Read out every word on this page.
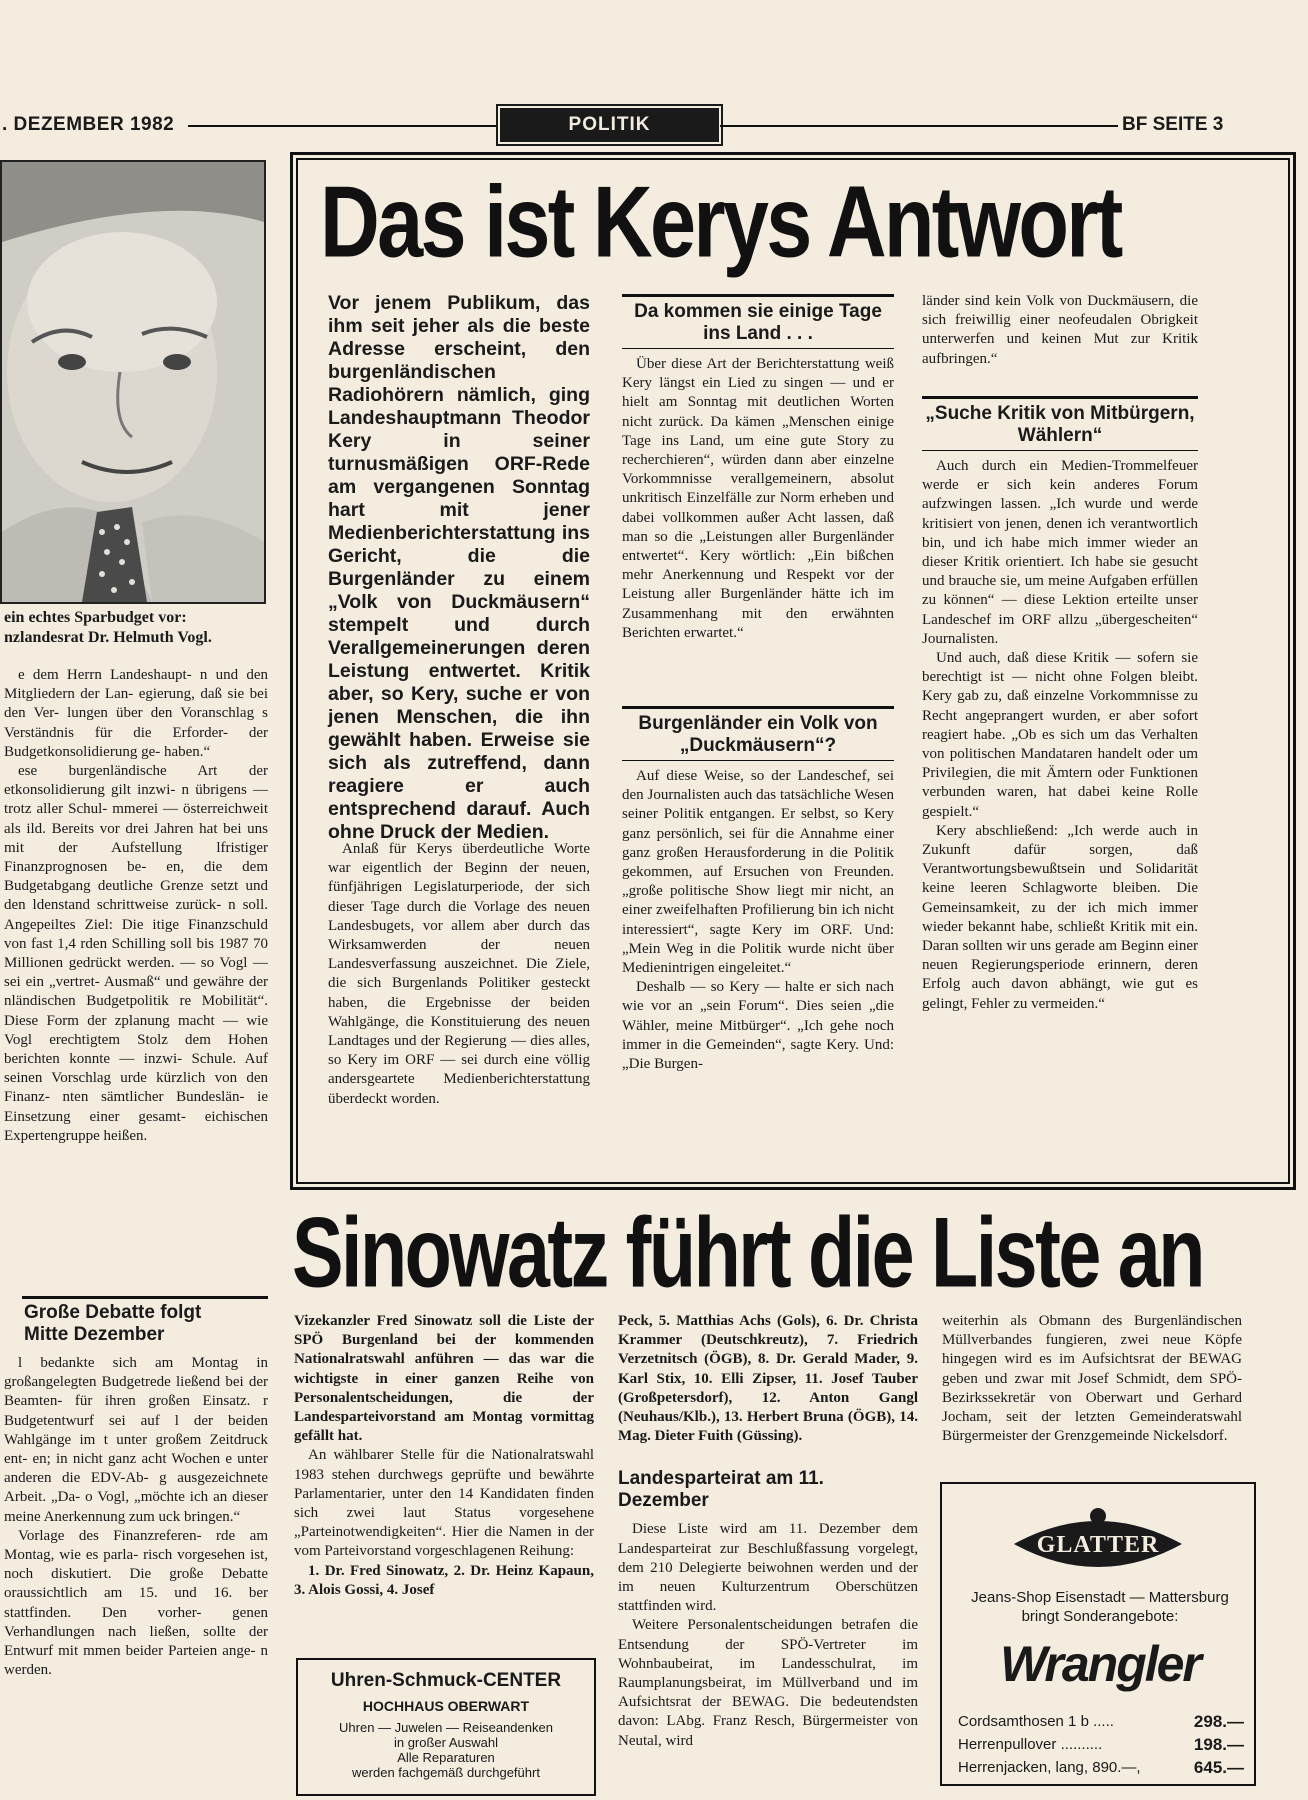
. DEZEMBER 1982	POLITIK	BF SEITE 3
ein echtes Sparbudget vor:
nzlandesrat Dr. Helmuth Vogl.

e dem Herrn Landeshaupt- n und den Mitgliedern der Lan- egierung, daß sie bei den Ver- lungen über den Voranschlag s Verständnis für die Erforder- der Budgetkonsolidierung ge- haben.“

ese burgenländische Art der etkonsolidierung gilt inzwi- n übrigens — trotz aller Schul- mmerei — österreichweit als ild. Bereits vor drei Jahren hat bei uns mit der Aufstellung lfristiger Finanzprognosen be- en, die dem Budgetabgang deutliche Grenze setzt und den ldenstand schrittweise zurück- n soll. Angepeiltes Ziel: Die itige Finanzschuld von fast 1,4 rden Schilling soll bis 1987 70 Millionen gedrückt werden. — so Vogl — sei ein „vertret- Ausmaß“ und gewähre der nländischen Budgetpolitik re Mobilität“. Diese Form der zplanung macht — wie Vogl erechtigtem Stolz dem Hohen berichten konnte — inzwi- Schule. Auf seinen Vorschlag urde kürzlich von den Finanz- nten sämtlicher Bundeslän- ie Einsetzung einer gesamt- eichischen Expertengruppe heißen.

Große Debatte folgt Mitte Dezember

l bedankte sich am Montag in großangelegten Budgetrede ließend bei der Beamten- für ihren großen Einsatz. r Budgetentwurf sei auf l der beiden Wahlgänge im t unter großem Zeitdruck ent- en; in nicht ganz acht Wochen e unter anderen die EDV-Ab- g ausgezeichnete Arbeit. „Da- o Vogl, „möchte ich an dieser meine Anerkennung zum uck bringen.“

Vorlage des Finanzreferen- rde am Montag, wie es parla- risch vorgesehen ist, noch diskutiert. Die große Debatte oraussichtlich am 15. und 16. ber stattfinden. Den vorher- genen Verhandlungen nach ließen, sollte der Entwurf mit mmen beider Parteien ange- n werden.

Das ist Kerys Antwort
Vor jenem Publikum, das ihm seit jeher als die beste Adresse erscheint, den burgenländischen Radiohörern nämlich, ging Landeshauptmann Theodor Kery in seiner turnusmäßigen ORF-Rede am vergangenen Sonntag hart mit jener Medienberichterstattung ins Gericht, die die Burgenländer zu einem „Volk von Duckmäusern“ stempelt und durch Verallgemeinerungen deren Leistung entwertet. Kritik aber, so Kery, suche er von jenen Menschen, die ihn gewählt haben. Erweise sie sich als zutreffend, dann reagiere er auch entsprechend darauf. Auch ohne Druck der Medien.

Anlaß für Kerys überdeutliche Worte war eigentlich der Beginn der neuen, fünfjährigen Legislaturperiode, der sich dieser Tage durch die Vorlage des neuen Landesbugets, vor allem aber durch das Wirksamwerden der neuen Landesverfassung auszeichnet. Die Ziele, die sich Burgenlands Politiker gesteckt haben, die Ergebnisse der beiden Wahlgänge, die Konstituierung des neuen Landtages und der Regierung — dies alles, so Kery im ORF — sei durch eine völlig andersgeartete Medienberichterstattung überdeckt worden.

Da kommen sie einige Tage ins Land . . .

Über diese Art der Berichterstattung weiß Kery längst ein Lied zu singen — und er hielt am Sonntag mit deutlichen Worten nicht zurück. Da kämen „Menschen einige Tage ins Land, um eine gute Story zu recherchieren“, würden dann aber einzelne Vorkommnisse verallgemeinern, absolut unkritisch Einzelfälle zur Norm erheben und dabei vollkommen außer Acht lassen, daß man so die „Leistungen aller Burgenländer entwertet“. Kery wörtlich: „Ein bißchen mehr Anerkennung und Respekt vor der Leistung aller Burgenländer hätte ich im Zusammenhang mit den erwähnten Berichten erwartet.“

Burgenländer ein Volk von „Duckmäusern“?

Auf diese Weise, so der Landeschef, sei den Journalisten auch das tatsächliche Wesen seiner Politik entgangen. Er selbst, so Kery ganz persönlich, sei für die Annahme einer ganz großen Herausforderung in die Politik gekommen, auf Ersuchen von Freunden. „große politische Show liegt mir nicht, an einer zweifelhaften Profilierung bin ich nicht interessiert“, sagte Kery im ORF. Und: „Mein Weg in die Politik wurde nicht über Medienintrigen eingeleitet.“

Deshalb — so Kery — halte er sich nach wie vor an „sein Forum“. Dies seien „die Wähler, meine Mitbürger“. „Ich gehe noch immer in die Gemeinden“, sagte Kery. Und: „Die Burgen-

länder sind kein Volk von Duckmäusern, die sich freiwillig einer neofeudalen Obrigkeit unterwerfen und keinen Mut zur Kritik aufbringen.“

„Suche Kritik von Mitbürgern, Wählern“

Auch durch ein Medien-Trommelfeuer werde er sich kein anderes Forum aufzwingen lassen. „Ich wurde und werde kritisiert von jenen, denen ich verantwortlich bin, und ich habe mich immer wieder an dieser Kritik orientiert. Ich habe sie gesucht und brauche sie, um meine Aufgaben erfüllen zu können“ — diese Lektion erteilte unser Landeschef im ORF allzu „übergescheiten“ Journalisten.

Und auch, daß diese Kritik — sofern sie berechtigt ist — nicht ohne Folgen bleibt. Kery gab zu, daß einzelne Vorkommnisse zu Recht angeprangert wurden, er aber sofort reagiert habe. „Ob es sich um das Verhalten von politischen Mandataren handelt oder um Privilegien, die mit Ämtern oder Funktionen verbunden waren, hat dabei keine Rolle gespielt.“

Kery abschließend: „Ich werde auch in Zukunft dafür sorgen, daß Verantwortungsbewußtsein und Solidarität keine leeren Schlagworte bleiben. Die Gemeinsamkeit, zu der ich mich immer wieder bekannt habe, schließt Kritik mit ein. Daran sollten wir uns gerade am Beginn einer neuen Regierungsperiode erinnern, deren Erfolg auch davon abhängt, wie gut es gelingt, Fehler zu vermeiden.“

Sinowatz führt die Liste an
Vizekanzler Fred Sinowatz soll die Liste der SPÖ Burgenland bei der kommenden Nationalratswahl anführen — das war die wichtigste in einer ganzen Reihe von Personalentscheidungen, die der Landesparteivorstand am Montag vormittag gefällt hat.

An wählbarer Stelle für die Nationalratswahl 1983 stehen durchwegs geprüfte und bewährte Parlamentarier, unter den 14 Kandidaten finden sich zwei laut Status vorgesehene „Parteinotwendigkeiten“. Hier die Namen in der vom Parteivorstand vorgeschlagenen Reihung:

1. Dr. Fred Sinowatz, 2. Dr. Heinz Kapaun, 3. Alois Gossi, 4. Josef
Peck, 5. Matthias Achs (Gols), 6. Dr. Christa Krammer (Deutschkreutz), 7. Friedrich Verzetnitsch (ÖGB), 8. Dr. Gerald Mader, 9. Karl Stix, 10. Elli Zipser, 11. Josef Tauber (Großpetersdorf), 12. Anton Gangl (Neuhaus/Klb.), 13. Herbert Bruna (ÖGB), 14. Mag. Dieter Fuith (Güssing).
Landesparteirat am 11. Dezember

Diese Liste wird am 11. Dezember dem Landesparteirat zur Beschlußfassung vorgelegt, dem 210 Delegierte beiwohnen werden und der im neuen Kulturzentrum Oberschützen stattfinden wird.

Weitere Personalentscheidungen betrafen die Entsendung der SPÖ-Vertreter im Wohnbaubeirat, im Landesschulrat, im Raumplanungsbeirat, im Müllverband und im Aufsichtsrat der BEWAG. Die bedeutendsten davon: LAbg. Franz Resch, Bürgermeister von Neutal, wird

weiterhin als Obmann des Burgenländischen Müllverbandes fungieren, zwei neue Köpfe hingegen wird es im Aufsichtsrat der BEWAG geben und zwar mit Josef Schmidt, dem SPÖ-Bezirkssekretär von Oberwart und Gerhard Jocham, seit der letzten Gemeinderatswahl Bürgermeister der Grenzgemeinde Nickelsdorf.

Uhren-Schmuck-CENTER
HOCHHAUS OBERWART
Uhren — Juwelen — Reiseandenken
in großer Auswahl
Alle Reparaturen
werden fachgemäß durchgeführt
GLATTER
Jeans-Shop Eisenstadt — Mattersburg bringt Sonderangebote:
Wrangler
Cordsamthosen 1 b .....	298.—
Herrenpullover ..........	198.—
Herrenjacken, lang, 890.—,	645.—
